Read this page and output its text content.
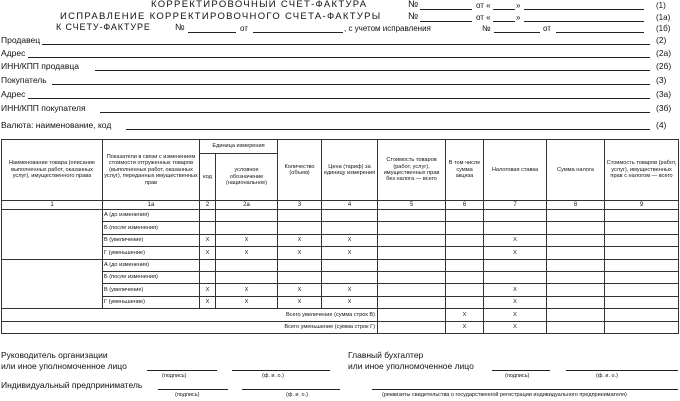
КОРРЕКТИРОВОЧНЫЙ СЧЕТ-ФАКТУРА	№	от «	»	(1)
ИСПРАВЛЕНИЕ КОРРЕКТИРОВОЧНОГО СЧЕТА-ФАКТУРЫ	№	от «	»	(1а)
К СЧЕТУ-ФАКТУРЕ	№	от	, с учетом исправления	№	от	(1б)
Продавец	(2)
Адрес	(2а)
ИНН/КПП продавца	(2б)
Покупатель	(3)
Адрес	(3а)
ИНН/КПП покупателя	(3б)
Валюта: наименование, код	(4)
Наименование товара (описание выполненных работ, оказанных услуг), имущественного права	Показатели в связи с изменением стоимости отгруженных товаров (выполненных работ, оказанных услуг), переданных имущественных прав	Единица измерения		Количество (объем)	Цена (тариф) за единицу измерения	Стоимость товаров (работ, услуг), имущественных прав без налога — всего	В том числе сумма акциза	Налоговая ставка	Сумма налога	Стоимость товаров (работ, услуг), имущественных прав с налогом — всего
		код	условное обозначение (национальное)							
1	1а	2	2а	3	4	5	6	7	8	9
	А (до изменения)									
	Б (после изменения)									
	В (увеличение)	X	X	X	X			X		
	Г (уменьшение)	X	X	X	X			X		
	А (до изменения)									
	Б (после изменения)									
	В (увеличение)	X	X	X	X			X		
	Г (уменьшение)	X	X	X	X			X		
Всего увеличение (сумма строк В)							X	X		
Всего уменьшение (сумма строк Г)							X	X		
Руководитель организации
или иное уполномоченное лицо
(подпись)	(ф. и. о.)
Главный бухгалтер
или иное уполномоченное лицо
(подпись)	(ф. и. о.)
Индивидуальный предприниматель
(подпись)	(ф. и. о.)	(реквизиты свидетельства о государственной регистрации индивидуального предпринимателя)
